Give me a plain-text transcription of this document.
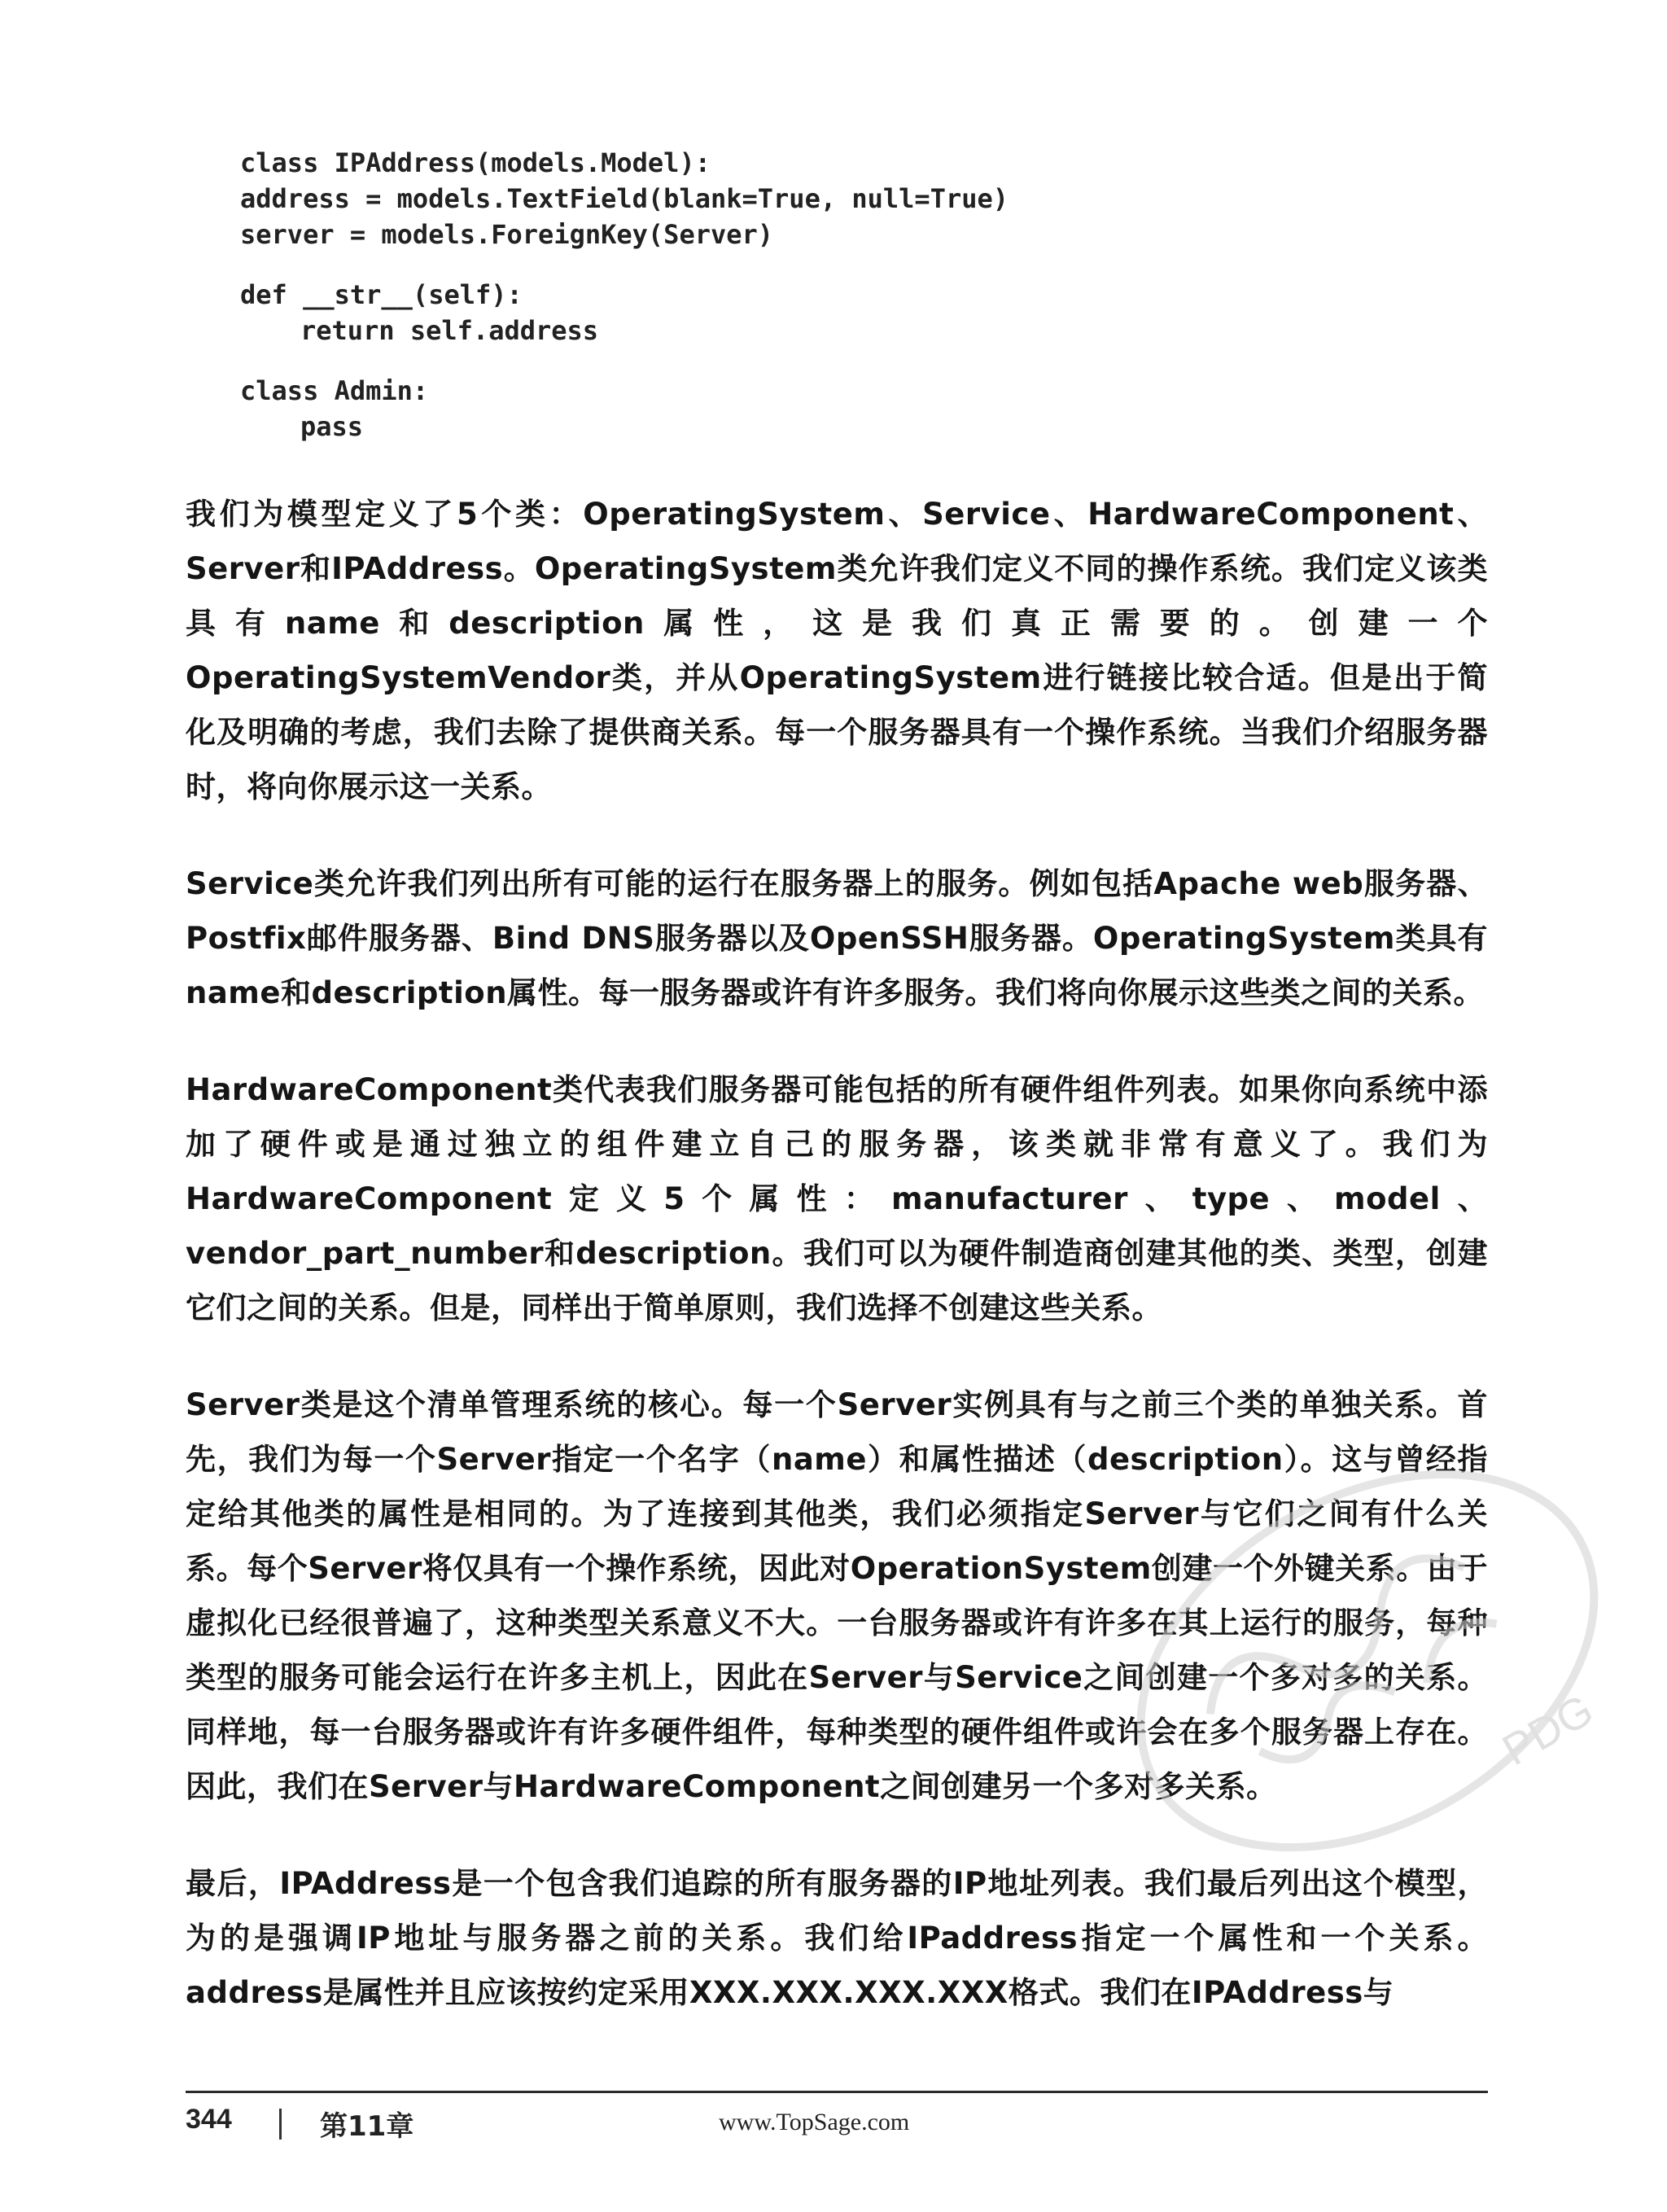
class IPAddress(models.Model):
address = models.TextField(blank=True, null=True)
server = models.ForeignKey(Server)
def __str__(self):
return self.address
class Admin:
pass

我们为模型定义了5个类：OperatingSystem、Service、HardwareComponent、Server和IPAddress。OperatingSystem类允许我们定义不同的操作系统。我们定义该类具有name和description属性，这是我们真正需要的。创建一个OperatingSystemVendor类，并从OperatingSystem进行链接比较合适。但是出于简化及明确的考虑，我们去除了提供商关系。每一个服务器具有一个操作系统。当我们介绍服务器时，将向你展示这一关系。

Service类允许我们列出所有可能的运行在服务器上的服务。例如包括Apache web服务器、Postfix邮件服务器、Bind DNS服务器以及OpenSSH服务器。OperatingSystem类具有name和description属性。每一服务器或许有许多服务。我们将向你展示这些类之间的关系。

HardwareComponent类代表我们服务器可能包括的所有硬件组件列表。如果你向系统中添加了硬件或是通过独立的组件建立自己的服务器，该类就非常有意义了。我们为HardwareComponent定义5个属性：manufacturer、type、model、vendor_part_number和description。我们可以为硬件制造商创建其他的类、类型，创建它们之间的关系。但是，同样出于简单原则，我们选择不创建这些关系。

Server类是这个清单管理系统的核心。每一个Server实例具有与之前三个类的单独关系。首先，我们为每一个Server指定一个名字（name）和属性描述（description）。这与曾经指定给其他类的属性是相同的。为了连接到其他类，我们必须指定Server与它们之间有什么关系。每个Server将仅具有一个操作系统，因此对OperationSystem创建一个外键关系。由于虚拟化已经很普遍了，这种类型关系意义不大。一台服务器或许有许多在其上运行的服务，每种类型的服务可能会运行在许多主机上，因此在Server与Service之间创建一个多对多的关系。同样地，每一台服务器或许有许多硬件组件，每种类型的硬件组件或许会在多个服务器上存在。因此，我们在Server与HardwareComponent之间创建另一个多对多关系。

最后，IPAddress是一个包含我们追踪的所有服务器的IP地址列表。我们最后列出这个模型，为的是强调IP地址与服务器之前的关系。我们给IPaddress指定一个属性和一个关系。address是属性并且应该按约定采用XXX.XXX.XXX.XXX格式。我们在IPAddress与

PDG
344	第11章	www.TopSage.com
